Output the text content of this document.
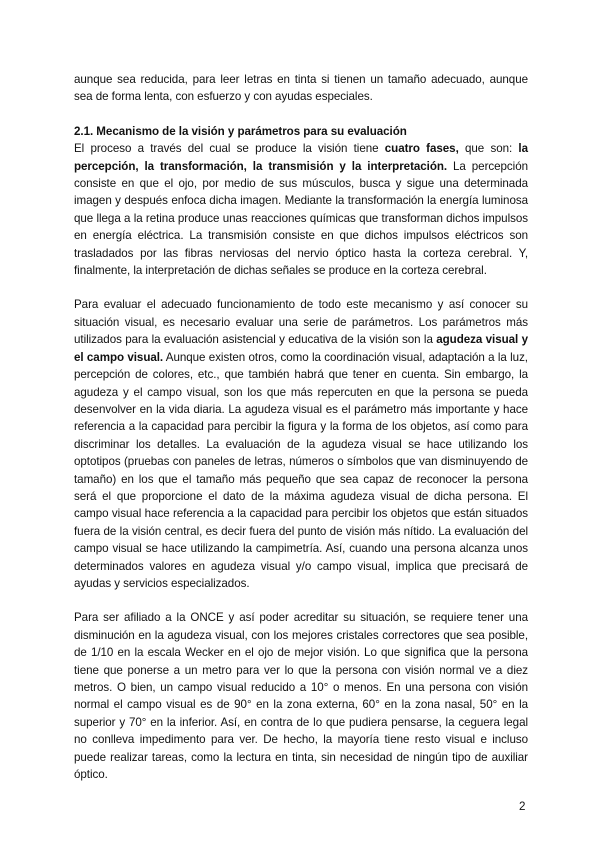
aunque sea reducida, para leer letras en tinta si tienen un tamaño adecuado, aunque sea de forma lenta, con esfuerzo y con ayudas especiales.

2.1. Mecanismo de la visión y parámetros para su evaluación

El proceso a través del cual se produce la visión tiene cuatro fases, que son: la percepción, la transformación, la transmisión y la interpretación. La percepción consiste en que el ojo, por medio de sus músculos, busca y sigue una determinada imagen y después enfoca dicha imagen. Mediante la transformación la energía luminosa que llega a la retina produce unas reacciones químicas que transforman dichos impulsos en energía eléctrica. La transmisión consiste en que dichos impulsos eléctricos son trasladados por las fibras nerviosas del nervio óptico hasta la corteza cerebral. Y, finalmente, la interpretación de dichas señales se produce en la corteza cerebral.

Para evaluar el adecuado funcionamiento de todo este mecanismo y así conocer su situación visual, es necesario evaluar una serie de parámetros. Los parámetros más utilizados para la evaluación asistencial y educativa de la visión son la agudeza visual y el campo visual. Aunque existen otros, como la coordinación visual, adaptación a la luz, percepción de colores, etc., que también habrá que tener en cuenta. Sin embargo, la agudeza y el campo visual, son los que más repercuten en que la persona se pueda desenvolver en la vida diaria. La agudeza visual es el parámetro más importante y hace referencia a la capacidad para percibir la figura y la forma de los objetos, así como para discriminar los detalles. La evaluación de la agudeza visual se hace utilizando los optotipos (pruebas con paneles de letras, números o símbolos que van disminuyendo de tamaño) en los que el tamaño más pequeño que sea capaz de reconocer la persona será el que proporcione el dato de la máxima agudeza visual de dicha persona. El campo visual hace referencia a la capacidad para percibir los objetos que están situados fuera de la visión central, es decir fuera del punto de visión más nítido. La evaluación del campo visual se hace utilizando la campimetría. Así, cuando una persona alcanza unos determinados valores en agudeza visual y/o campo visual, implica que precisará de ayudas y servicios especializados.

Para ser afiliado a la ONCE y así poder acreditar su situación, se requiere tener una disminución en la agudeza visual, con los mejores cristales correctores que sea posible, de 1/10 en la escala Wecker en el ojo de mejor visión. Lo que significa que la persona tiene que ponerse a un metro para ver lo que la persona con visión normal ve a diez metros. O bien, un campo visual reducido a 10° o menos. En una persona con visión normal el campo visual es de 90° en la zona externa, 60° en la zona nasal, 50° en la superior y 70° en la inferior. Así, en contra de lo que pudiera pensarse, la ceguera legal no conlleva impedimento para ver. De hecho, la mayoría tiene resto visual e incluso puede realizar tareas, como la lectura en tinta, sin necesidad de ningún tipo de auxiliar óptico.

2
